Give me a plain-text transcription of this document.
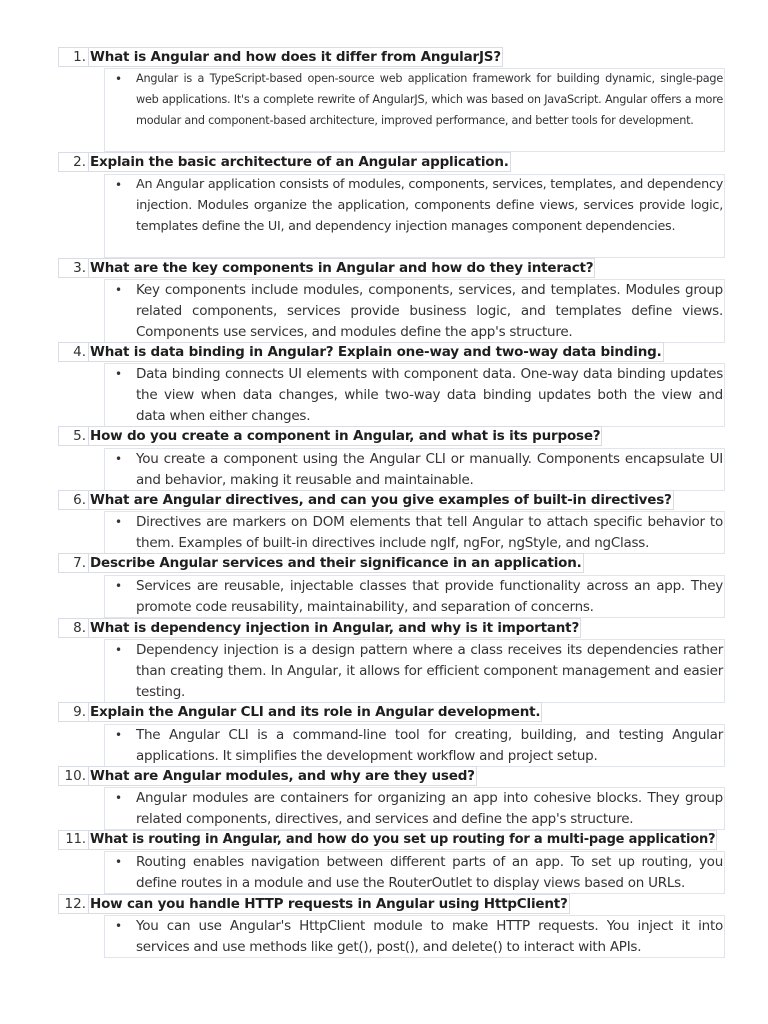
1. What is Angular and how does it differ from AngularJS?
• Angular is a TypeScript-based open-source web application framework for building dynamic, single-page web applications. It's a complete rewrite of AngularJS, which was based on JavaScript. Angular offers a more modular and component-based architecture, improved performance, and better tools for development.
2. Explain the basic architecture of an Angular application.
• An Angular application consists of modules, components, services, templates, and dependency injection. Modules organize the application, components define views, services provide logic, templates define the UI, and dependency injection manages component dependencies.
3. What are the key components in Angular and how do they interact?
• Key components include modules, components, services, and templates. Modules group related components, services provide business logic, and templates define views. Components use services, and modules define the app's structure.
4. What is data binding in Angular? Explain one-way and two-way data binding.
• Data binding connects UI elements with component data. One-way data binding updates the view when data changes, while two-way data binding updates both the view and data when either changes.
5. How do you create a component in Angular, and what is its purpose?
• You create a component using the Angular CLI or manually. Components encapsulate UI and behavior, making it reusable and maintainable.
6. What are Angular directives, and can you give examples of built-in directives?
• Directives are markers on DOM elements that tell Angular to attach specific behavior to them. Examples of built-in directives include ngIf, ngFor, ngStyle, and ngClass.
7. Describe Angular services and their significance in an application.
• Services are reusable, injectable classes that provide functionality across an app. They promote code reusability, maintainability, and separation of concerns.
8. What is dependency injection in Angular, and why is it important?
• Dependency injection is a design pattern where a class receives its dependencies rather than creating them. In Angular, it allows for efficient component management and easier testing.
9. Explain the Angular CLI and its role in Angular development.
• The Angular CLI is a command-line tool for creating, building, and testing Angular applications. It simplifies the development workflow and project setup.
10. What are Angular modules, and why are they used?
• Angular modules are containers for organizing an app into cohesive blocks. They group related components, directives, and services and define the app's structure.
11. What is routing in Angular, and how do you set up routing for a multi-page application?
• Routing enables navigation between different parts of an app. To set up routing, you define routes in a module and use the RouterOutlet to display views based on URLs.
12. How can you handle HTTP requests in Angular using HttpClient?
• You can use Angular's HttpClient module to make HTTP requests. You inject it into services and use methods like get(), post(), and delete() to interact with APIs.
